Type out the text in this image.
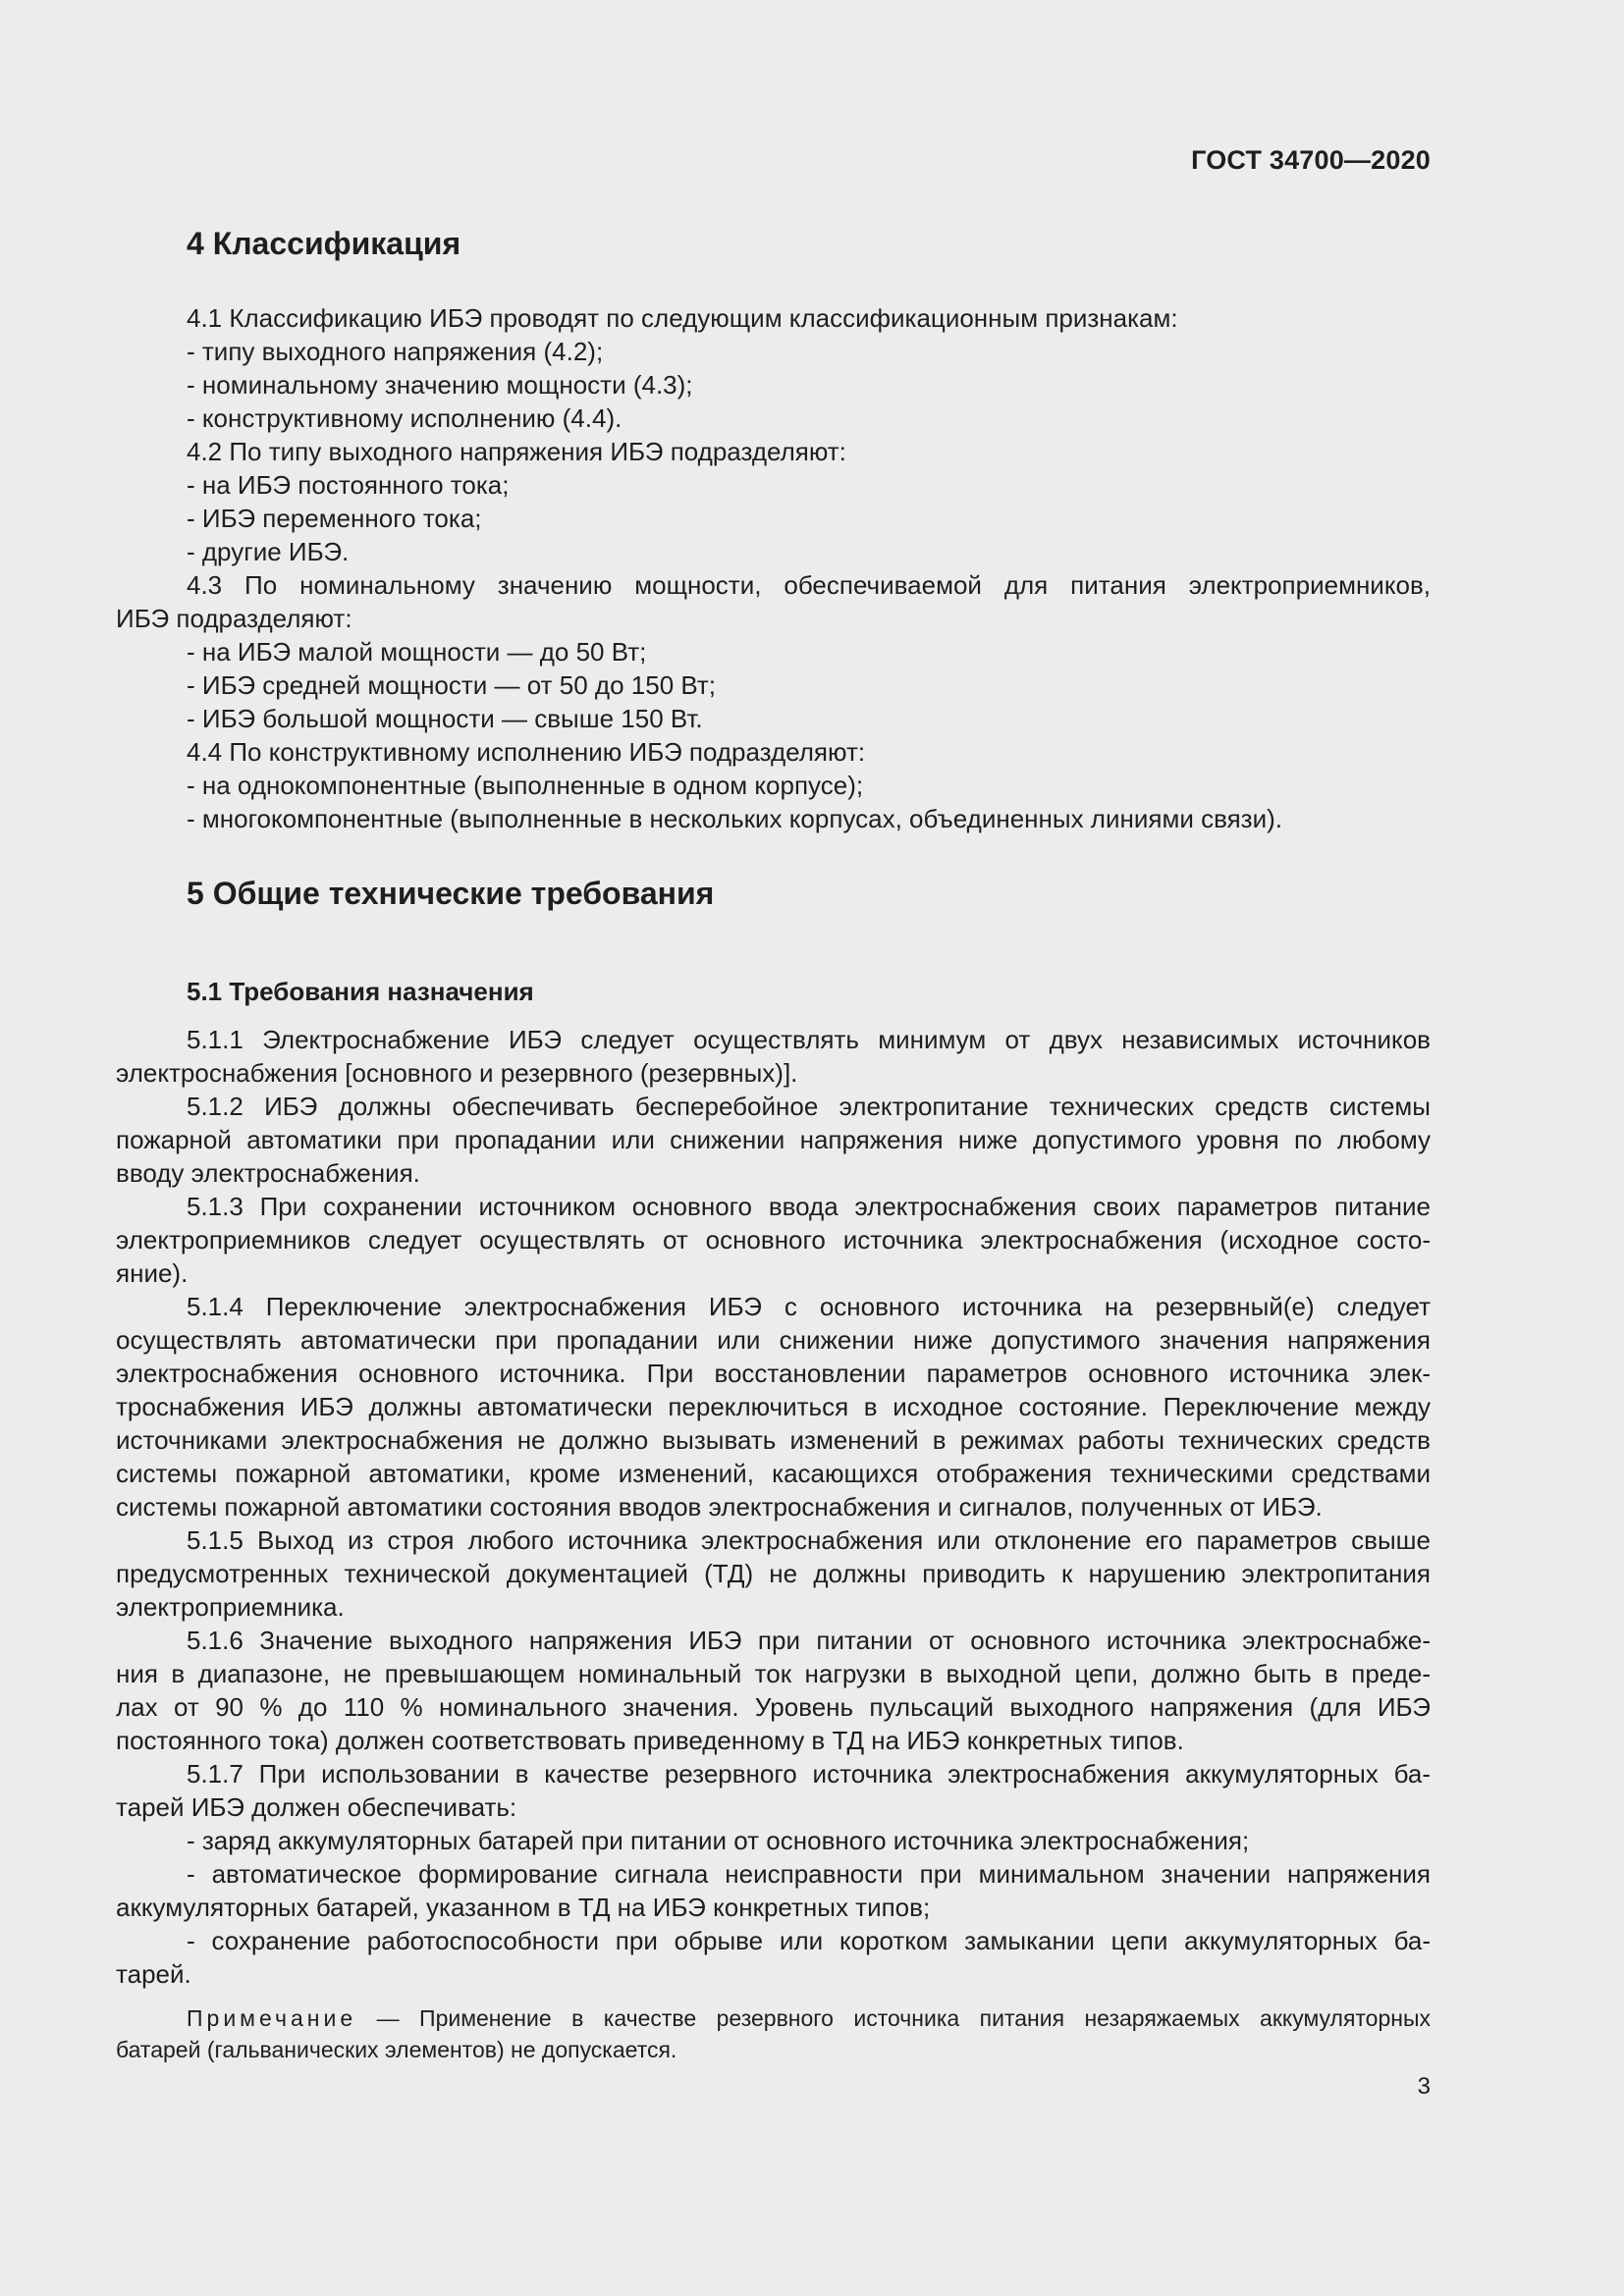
ГОСТ 34700—2020
4 Классификация
4.1 Классификацию ИБЭ проводят по следующим классификационным признакам:
- типу выходного напряжения (4.2);
- номинальному значению мощности (4.3);
- конструктивному исполнению (4.4).
4.2 По типу выходного напряжения ИБЭ подразделяют:
- на ИБЭ постоянного тока;
- ИБЭ переменного тока;
- другие ИБЭ.
4.3 По номинальному значению мощности, обеспечиваемой для питания электроприемников,
ИБЭ подразделяют:
- на ИБЭ малой мощности — до 50 Вт;
- ИБЭ средней мощности — от 50 до 150 Вт;
- ИБЭ большой мощности — свыше 150 Вт.
4.4 По конструктивному исполнению ИБЭ подразделяют:
- на однокомпонентные (выполненные в одном корпусе);
- многокомпонентные (выполненные в нескольких корпусах, объединенных линиями связи).
5 Общие технические требования
5.1 Требования назначения
5.1.1 Электроснабжение ИБЭ следует осуществлять минимум от двух независимых источников
электроснабжения [основного и резервного (резервных)].
5.1.2 ИБЭ должны обеспечивать бесперебойное электропитание технических средств системы
пожарной автоматики при пропадании или снижении напряжения ниже допустимого уровня по любому
вводу электроснабжения.
5.1.3 При сохранении источником основного ввода электроснабжения своих параметров питание
электроприемников следует осуществлять от основного источника электроснабжения (исходное состо-
яние).
5.1.4 Переключение электроснабжения ИБЭ с основного источника на резервный(е) следует
осуществлять автоматически при пропадании или снижении ниже допустимого значения напряжения
электроснабжения основного источника. При восстановлении параметров основного источника элек-
троснабжения ИБЭ должны автоматически переключиться в исходное состояние. Переключение между
источниками электроснабжения не должно вызывать изменений в режимах работы технических средств
системы пожарной автоматики, кроме изменений, касающихся отображения техническими средствами
системы пожарной автоматики состояния вводов электроснабжения и сигналов, полученных от ИБЭ.
5.1.5 Выход из строя любого источника электроснабжения или отклонение его параметров свыше
предусмотренных технической документацией (ТД) не должны приводить к нарушению электропитания
электроприемника.
5.1.6 Значение выходного напряжения ИБЭ при питании от основного источника электроснабже-
ния в диапазоне, не превышающем номинальный ток нагрузки в выходной цепи, должно быть в преде-
лах от 90 % до 110 % номинального значения. Уровень пульсаций выходного напряжения (для ИБЭ
постоянного тока) должен соответствовать приведенному в ТД на ИБЭ конкретных типов.
5.1.7 При использовании в качестве резервного источника электроснабжения аккумуляторных ба-
тарей ИБЭ должен обеспечивать:
- заряд аккумуляторных батарей при питании от основного источника электроснабжения;
- автоматическое формирование сигнала неисправности при минимальном значении напряжения
аккумуляторных батарей, указанном в ТД на ИБЭ конкретных типов;
- сохранение работоспособности при обрыве или коротком замыкании цепи аккумуляторных ба-
тарей.
Примечание — Применение в качестве резервного источника питания незаряжаемых аккумуляторных
батарей (гальванических элементов) не допускается.
3
